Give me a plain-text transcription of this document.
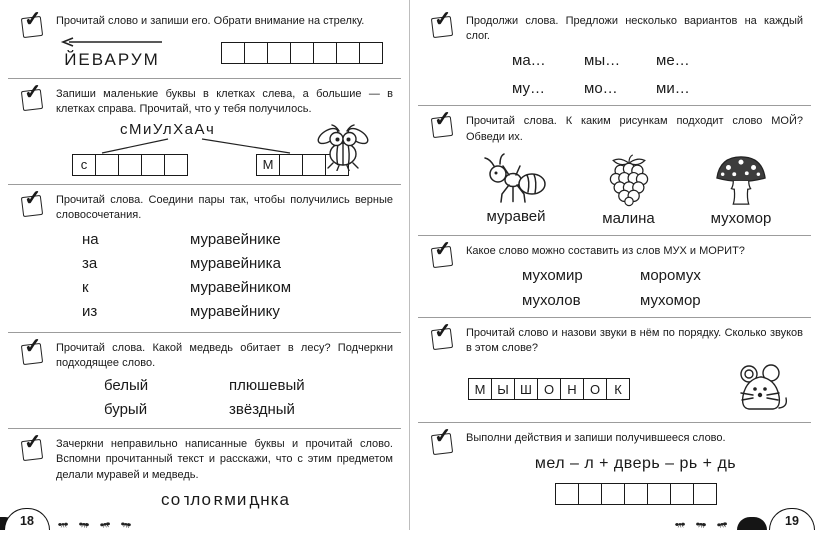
✓ Прочитай слово и запиши его. Обрати внимание на стрелку.

ЙЕВАРУМ
✓ Запиши маленькие буквы в клетках слева, а большие — в клетках справа. Прочитай, что у тебя получилось.

сМиУлХаАч
с	М
✓ Прочитай слова. Соедини пары так, чтобы получились верные словосочетания.

на	муравейнике
за	муравейника
к	муравейником
из	муравейнику
✓ Прочитай слова. Какой медведь обитает в лесу? Подчеркни подходящее слово.

белый	плюшевый
бурый	звёздный
✓ Зачеркни неправильно написанные буквы и прочитай слово. Вспомни прочитанный текст и расскажи, что с этим предметом делали муравей и медведь.

соглоямиднка
18
✓ Продолжи слова. Предложи несколько вариантов на каждый слог.

ма…	мы…	ме…
му…	мо…	ми…
✓ Прочитай слова. К каким рисункам подходит слово МОЙ? Обведи их.

муравей	малина	мухомор
✓ Какое слово можно составить из слов МУХ и МОРИТ?

мухомир	моромух
мухолов	мухомор
✓ Прочитай слово и назови звуки в нём по порядку. Сколько звуков в этом слове?

М Ы Ш О	Н	О	К
✓ Выполни действия и запиши получившееся слово.

мел – л + дверь – рь + дь
19
